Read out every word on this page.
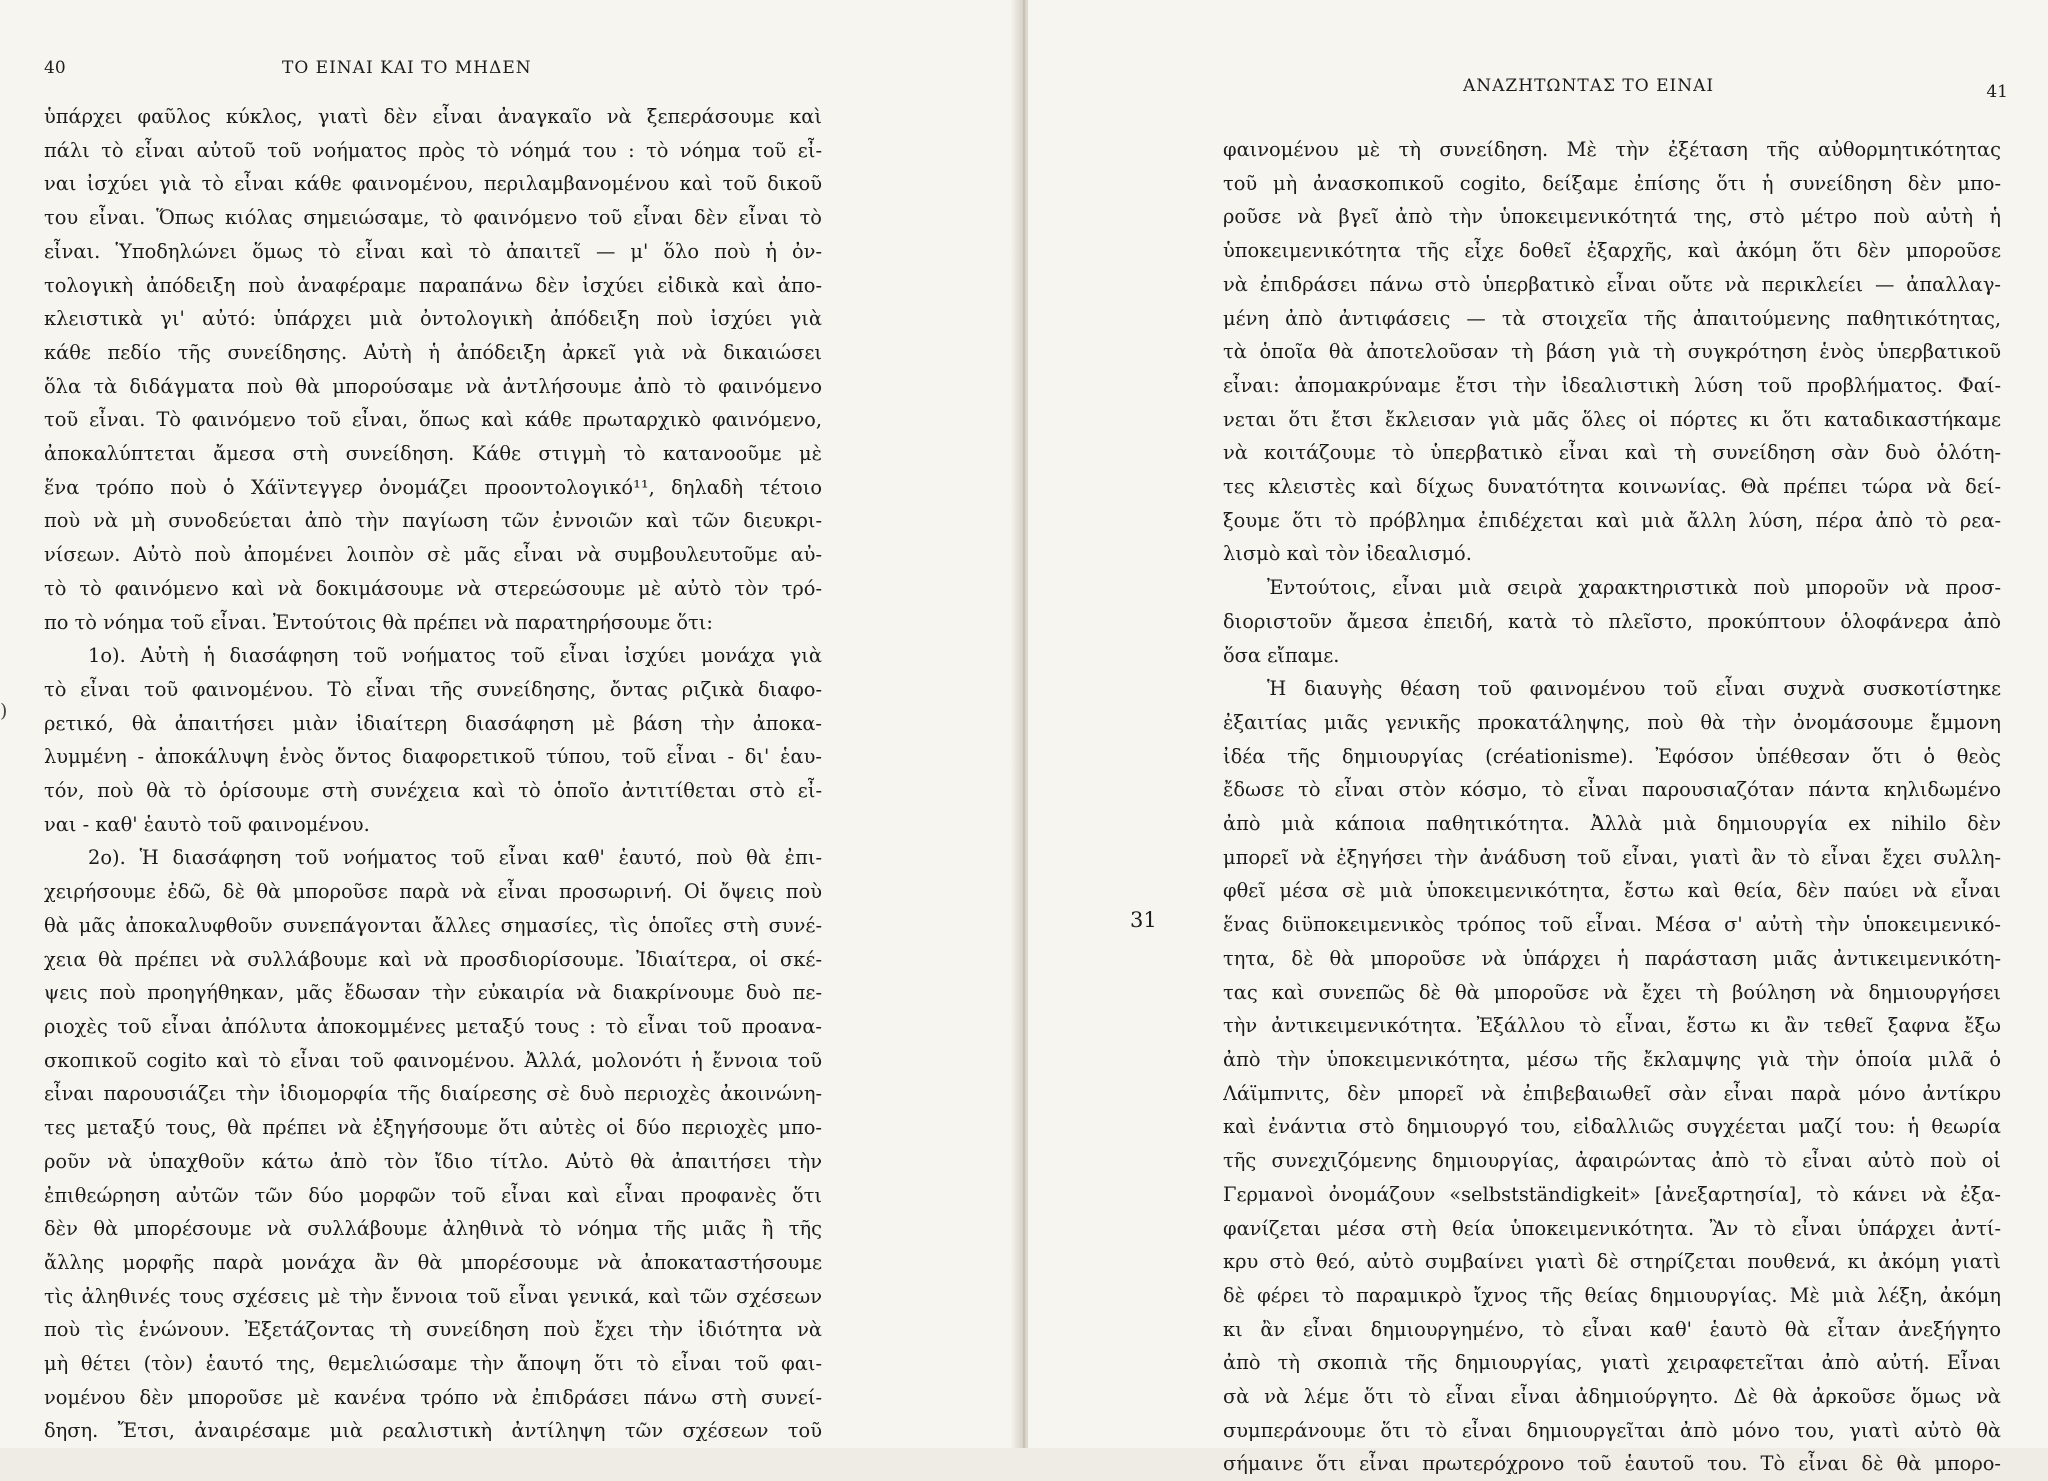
40	ΤΟ ΕΙΝΑΙ ΚΑΙ ΤΟ ΜΗΔΕΝ
)
ὑπάρχει φαῦλος κύκλος, γιατὶ δὲν εἶναι ἀναγκαῖο νὰ ξεπεράσουμε καὶ
πάλι τὸ εἶναι αὐτοῦ τοῦ νοήματος πρὸς τὸ νόημά του : τὸ νόημα τοῦ εἶ-
ναι ἰσχύει γιὰ τὸ εἶναι κάθε φαινομένου, περιλαμβανομένου καὶ τοῦ δικοῦ
του εἶναι. Ὅπως κιόλας σημειώσαμε, τὸ φαινόμενο τοῦ εἶναι δὲν εἶναι τὸ
εἶναι. Ὑποδηλώνει ὅμως τὸ εἶναι καὶ τὸ ἀπαιτεῖ — μ' ὅλο ποὺ ἡ ὀν-
τολογικὴ ἀπόδειξη ποὺ ἀναφέραμε παραπάνω δὲν ἰσχύει εἰδικὰ καὶ ἀπο-
κλειστικὰ γι' αὐτό: ὑπάρχει μιὰ ὀντολογικὴ ἀπόδειξη ποὺ ἰσχύει γιὰ
κάθε πεδίο τῆς συνείδησης. Αὐτὴ ἡ ἀπόδειξη ἀρκεῖ γιὰ νὰ δικαιώσει
ὅλα τὰ διδάγματα ποὺ θὰ μπορούσαμε νὰ ἀντλήσουμε ἀπὸ τὸ φαινόμενο
τοῦ εἶναι. Τὸ φαινόμενο τοῦ εἶναι, ὅπως καὶ κάθε πρωταρχικὸ φαινόμενο,
ἀποκαλύπτεται ἄμεσα στὴ συνείδηση. Κάθε στιγμὴ τὸ κατανοοῦμε μὲ
ἕνα τρόπο ποὺ ὁ Χάϊντεγγερ ὀνομάζει προοντολογικό¹¹, δηλαδὴ τέτοιο
ποὺ νὰ μὴ συνοδεύεται ἀπὸ τὴν παγίωση τῶν ἐννοιῶν καὶ τῶν διευκρι-
νίσεων. Αὐτὸ ποὺ ἀπομένει λοιπὸν σὲ μᾶς εἶναι νὰ συμβουλευτοῦμε αὐ-
τὸ τὸ φαινόμενο καὶ νὰ δοκιμάσουμε νὰ στερεώσουμε μὲ αὐτὸ τὸν τρό-
πο τὸ νόημα τοῦ εἶναι. Ἐντούτοις θὰ πρέπει νὰ παρατηρήσουμε ὅτι:
1ο). Αὐτὴ ἡ διασάφηση τοῦ νοήματος τοῦ εἶναι ἰσχύει μονάχα γιὰ
τὸ εἶναι τοῦ φαινομένου. Τὸ εἶναι τῆς συνείδησης, ὄντας ριζικὰ διαφο-
ρετικό, θὰ ἀπαιτήσει μιὰν ἰδιαίτερη διασάφηση μὲ βάση τὴν ἀποκα-
λυμμένη - ἀποκάλυψη ἑνὸς ὄντος διαφορετικοῦ τύπου, τοῦ εἶναι - δι' ἑαυ-
τόν, ποὺ θὰ τὸ ὁρίσουμε στὴ συνέχεια καὶ τὸ ὁποῖο ἀντιτίθεται στὸ εἶ-
ναι - καθ' ἑαυτὸ τοῦ φαινομένου.
2ο). Ἡ διασάφηση τοῦ νοήματος τοῦ εἶναι καθ' ἑαυτό, ποὺ θὰ ἐπι-
χειρήσουμε ἐδῶ, δὲ θὰ μποροῦσε παρὰ νὰ εἶναι προσωρινή. Οἱ ὄψεις ποὺ
θὰ μᾶς ἀποκαλυφθοῦν συνεπάγονται ἄλλες σημασίες, τὶς ὁποῖες στὴ συνέ-
χεια θὰ πρέπει νὰ συλλάβουμε καὶ νὰ προσδιορίσουμε. Ἰδιαίτερα, οἱ σκέ-
ψεις ποὺ προηγήθηκαν, μᾶς ἔδωσαν τὴν εὐκαιρία νὰ διακρίνουμε δυὸ πε-
ριοχὲς τοῦ εἶναι ἀπόλυτα ἀποκομμένες μεταξύ τους : τὸ εἶναι τοῦ προανα-
σκοπικοῦ cogito καὶ τὸ εἶναι τοῦ φαινομένου. Ἀλλά, μολονότι ἡ ἔννοια τοῦ
εἶναι παρουσιάζει τὴν ἰδιομορφία τῆς διαίρεσης σὲ δυὸ περιοχὲς ἀκοινώνη-
τες μεταξύ τους, θὰ πρέπει νὰ ἐξηγήσουμε ὅτι αὐτὲς οἱ δύο περιοχὲς μπο-
ροῦν νὰ ὑπαχθοῦν κάτω ἀπὸ τὸν ἴδιο τίτλο. Αὐτὸ θὰ ἀπαιτήσει τὴν
ἐπιθεώρηση αὐτῶν τῶν δύο μορφῶν τοῦ εἶναι καὶ εἶναι προφανὲς ὅτι
δὲν θὰ μπορέσουμε νὰ συλλάβουμε ἀληθινὰ τὸ νόημα τῆς μιᾶς ἢ τῆς
ἄλλης μορφῆς παρὰ μονάχα ἂν θὰ μπορέσουμε νὰ ἀποκαταστήσουμε
τὶς ἀληθινές τους σχέσεις μὲ τὴν ἔννοια τοῦ εἶναι γενικά, καὶ τῶν σχέσεων
ποὺ τὶς ἑνώνουν. Ἐξετάζοντας τὴ συνείδηση ποὺ ἔχει τὴν ἰδιότητα νὰ
μὴ θέτει (τὸν) ἑαυτό της, θεμελιώσαμε τὴν ἄποψη ὅτι τὸ εἶναι τοῦ φαι-
νομένου δὲν μποροῦσε μὲ κανένα τρόπο νὰ ἐπιδράσει πάνω στὴ συνεί-
δηση. Ἔτσι, ἀναιρέσαμε μιὰ ρεαλιστικὴ ἀντίληψη τῶν σχέσεων τοῦ
ΑΝΑΖΗΤΩΝΤΑΣ ΤΟ ΕΙΝΑΙ	41
31
φαινομένου μὲ τὴ συνείδηση. Μὲ τὴν ἐξέταση τῆς αὐθορμητικότητας
τοῦ μὴ ἀνασκοπικοῦ cogito, δείξαμε ἐπίσης ὅτι ἡ συνείδηση δὲν μπο-
ροῦσε νὰ βγεῖ ἀπὸ τὴν ὑποκειμενικότητά της, στὸ μέτρο ποὺ αὐτὴ ἡ
ὑποκειμενικότητα τῆς εἶχε δοθεῖ ἐξαρχῆς, καὶ ἀκόμη ὅτι δὲν μποροῦσε
νὰ ἐπιδράσει πάνω στὸ ὑπερβατικὸ εἶναι οὔτε νὰ περικλείει — ἀπαλλαγ-
μένη ἀπὸ ἀντιφάσεις — τὰ στοιχεῖα τῆς ἀπαιτούμενης παθητικότητας,
τὰ ὁποῖα θὰ ἀποτελοῦσαν τὴ βάση γιὰ τὴ συγκρότηση ἑνὸς ὑπερβατικοῦ
εἶναι: ἀπομακρύναμε ἔτσι τὴν ἰδεαλιστικὴ λύση τοῦ προβλήματος. Φαί-
νεται ὅτι ἔτσι ἔκλεισαν γιὰ μᾶς ὅλες οἱ πόρτες κι ὅτι καταδικαστήκαμε
νὰ κοιτάζουμε τὸ ὑπερβατικὸ εἶναι καὶ τὴ συνείδηση σὰν δυὸ ὁλότη-
τες κλειστὲς καὶ δίχως δυνατότητα κοινωνίας. Θὰ πρέπει τώρα νὰ δεί-
ξουμε ὅτι τὸ πρόβλημα ἐπιδέχεται καὶ μιὰ ἄλλη λύση, πέρα ἀπὸ τὸ ρεα-
λισμὸ καὶ τὸν ἰδεαλισμό.
Ἐντούτοις, εἶναι μιὰ σειρὰ χαρακτηριστικὰ ποὺ μποροῦν νὰ προσ-
διοριστοῦν ἄμεσα ἐπειδή, κατὰ τὸ πλεῖστο, προκύπτουν ὁλοφάνερα ἀπὸ
ὅσα εἴπαμε.
Ἡ διαυγὴς θέαση τοῦ φαινομένου τοῦ εἶναι συχνὰ συσκοτίστηκε
ἐξαιτίας μιᾶς γενικῆς προκατάληψης, ποὺ θὰ τὴν ὀνομάσουμε ἔμμονη
ἰδέα τῆς δημιουργίας (créationisme). Ἐφόσον ὑπέθεσαν ὅτι ὁ θεὸς
ἔδωσε τὸ εἶναι στὸν κόσμο, τὸ εἶναι παρουσιαζόταν πάντα κηλιδωμένο
ἀπὸ μιὰ κάποια παθητικότητα. Ἀλλὰ μιὰ δημιουργία ex nihilo δὲν
μπορεῖ νὰ ἐξηγήσει τὴν ἀνάδυση τοῦ εἶναι, γιατὶ ἂν τὸ εἶναι ἔχει συλλη-
φθεῖ μέσα σὲ μιὰ ὑποκειμενικότητα, ἔστω καὶ θεία, δὲν παύει νὰ εἶναι
ἕνας διϋποκειμενικὸς τρόπος τοῦ εἶναι. Μέσα σ' αὐτὴ τὴν ὑποκειμενικό-
τητα, δὲ θὰ μποροῦσε νὰ ὑπάρχει ἡ παράσταση μιᾶς ἀντικειμενικότη-
τας καὶ συνεπῶς δὲ θὰ μποροῦσε νὰ ἔχει τὴ βούληση νὰ δημιουργήσει
τὴν ἀντικειμενικότητα. Ἐξάλλου τὸ εἶναι, ἔστω κι ἂν τεθεῖ ξαφνα ἔξω
ἀπὸ τὴν ὑποκειμενικότητα, μέσω τῆς ἔκλαμψης γιὰ τὴν ὁποία μιλᾶ ὁ
Λάϊμπνιτς, δὲν μπορεῖ νὰ ἐπιβεβαιωθεῖ σὰν εἶναι παρὰ μόνο ἀντίκρυ
καὶ ἐνάντια στὸ δημιουργό του, εἰδαλλιῶς συγχέεται μαζί του: ἡ θεωρία
τῆς συνεχιζόμενης δημιουργίας, ἀφαιρώντας ἀπὸ τὸ εἶναι αὐτὸ ποὺ οἱ
Γερμανοὶ ὀνομάζουν «selbstständigkeit» [ἀνεξαρτησία], τὸ κάνει νὰ ἐξα-
φανίζεται μέσα στὴ θεία ὑποκειμενικότητα. Ἂν τὸ εἶναι ὑπάρχει ἀντί-
κρυ στὸ θεό, αὐτὸ συμβαίνει γιατὶ δὲ στηρίζεται πουθενά, κι ἀκόμη γιατὶ
δὲ φέρει τὸ παραμικρὸ ἴχνος τῆς θείας δημιουργίας. Μὲ μιὰ λέξη, ἀκόμη
κι ἂν εἶναι δημιουργημένο, τὸ εἶναι καθ' ἑαυτὸ θὰ εἶταν ἀνεξήγητο
ἀπὸ τὴ σκοπιὰ τῆς δημιουργίας, γιατὶ χειραφετεῖται ἀπὸ αὐτή. Εἶναι
σὰ νὰ λέμε ὅτι τὸ εἶναι εἶναι ἀδημιούργητο. Δὲ θὰ ἀρκοῦσε ὅμως νὰ
συμπεράνουμε ὅτι τὸ εἶναι δημιουργεῖται ἀπὸ μόνο του, γιατὶ αὐτὸ θὰ
σήμαινε ὅτι εἶναι πρωτερόχρονο τοῦ ἑαυτοῦ του. Τὸ εἶναι δὲ θὰ μπορο-
